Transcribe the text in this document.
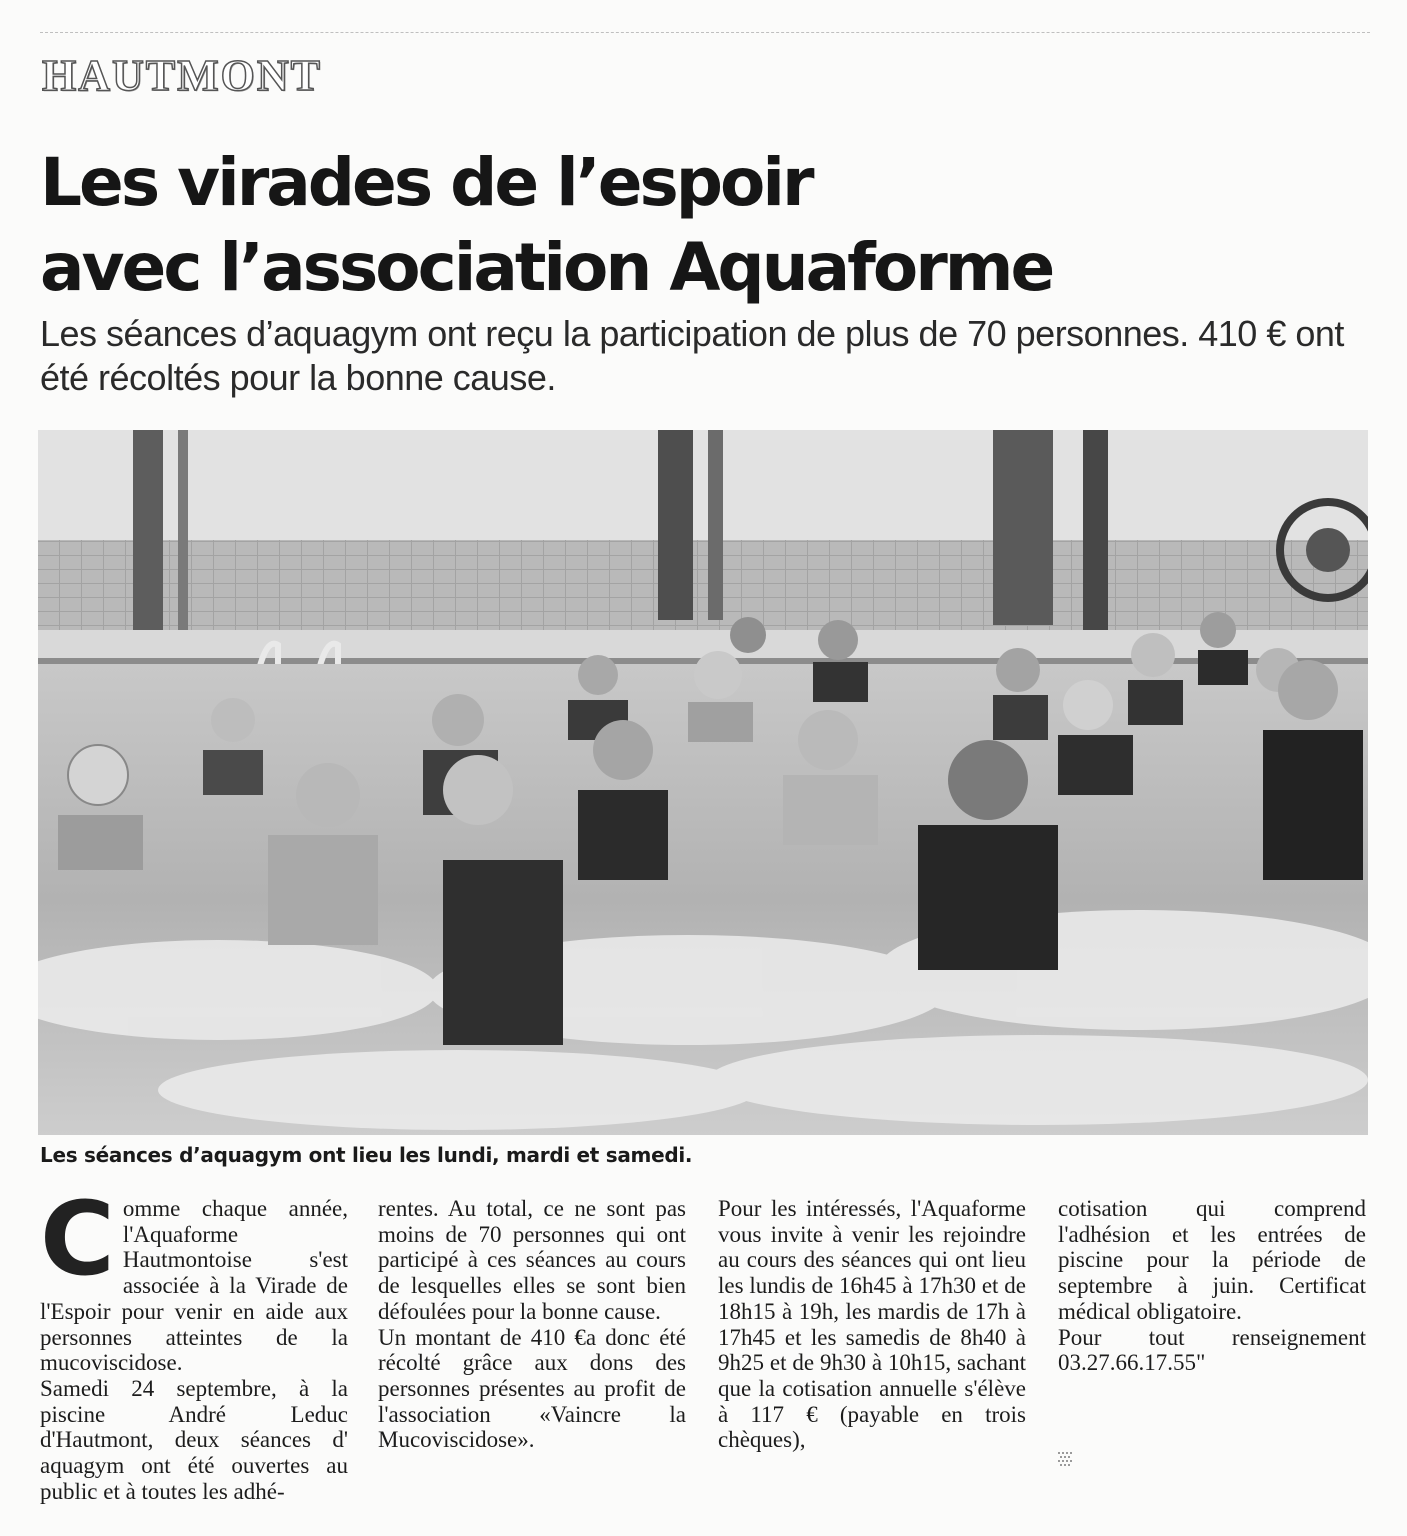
HAUTMONT
Les virades de l’espoir
avec l’association Aquaforme

Les séances d’aquagym ont reçu la participation de plus de 70 personnes. 410 € ont été récoltés pour la bonne cause.

Les séances d’aquagym ont lieu les lundi, mardi et samedi.
C omme chaque année, l'Aquaforme Hautmontoise s'est associée à la Virade de l'Espoir pour venir en aide aux personnes atteintes de la mucoviscidose.

Samedi 24 septembre, à la piscine André Leduc d'Hautmont, deux séances d' aquagym ont été ouvertes au public et à toutes les adhé-

rentes. Au total, ce ne sont pas moins de 70 personnes qui ont participé à ces séances au cours de lesquelles elles se sont bien défoulées pour la bonne cause.

Un montant de 410 €a donc été récolté grâce aux dons des personnes présentes au profit de l'association «Vaincre la Mucoviscidose».

Pour les intéressés, l'Aquaforme vous invite à venir les rejoindre au cours des séances qui ont lieu les lundis de 16h45 à 17h30 et de 18h15 à 19h, les mardis de 17h à 17h45 et les samedis de 8h40 à 9h25 et de 9h30 à 10h15, sachant que la cotisation annuelle s'élève à 117 € (payable en trois chèques),

cotisation qui comprend l'adhésion et les entrées de piscine pour la période de septembre à juin. Certificat médical obligatoire.

Pour tout renseignement 03.27.66.17.55"
